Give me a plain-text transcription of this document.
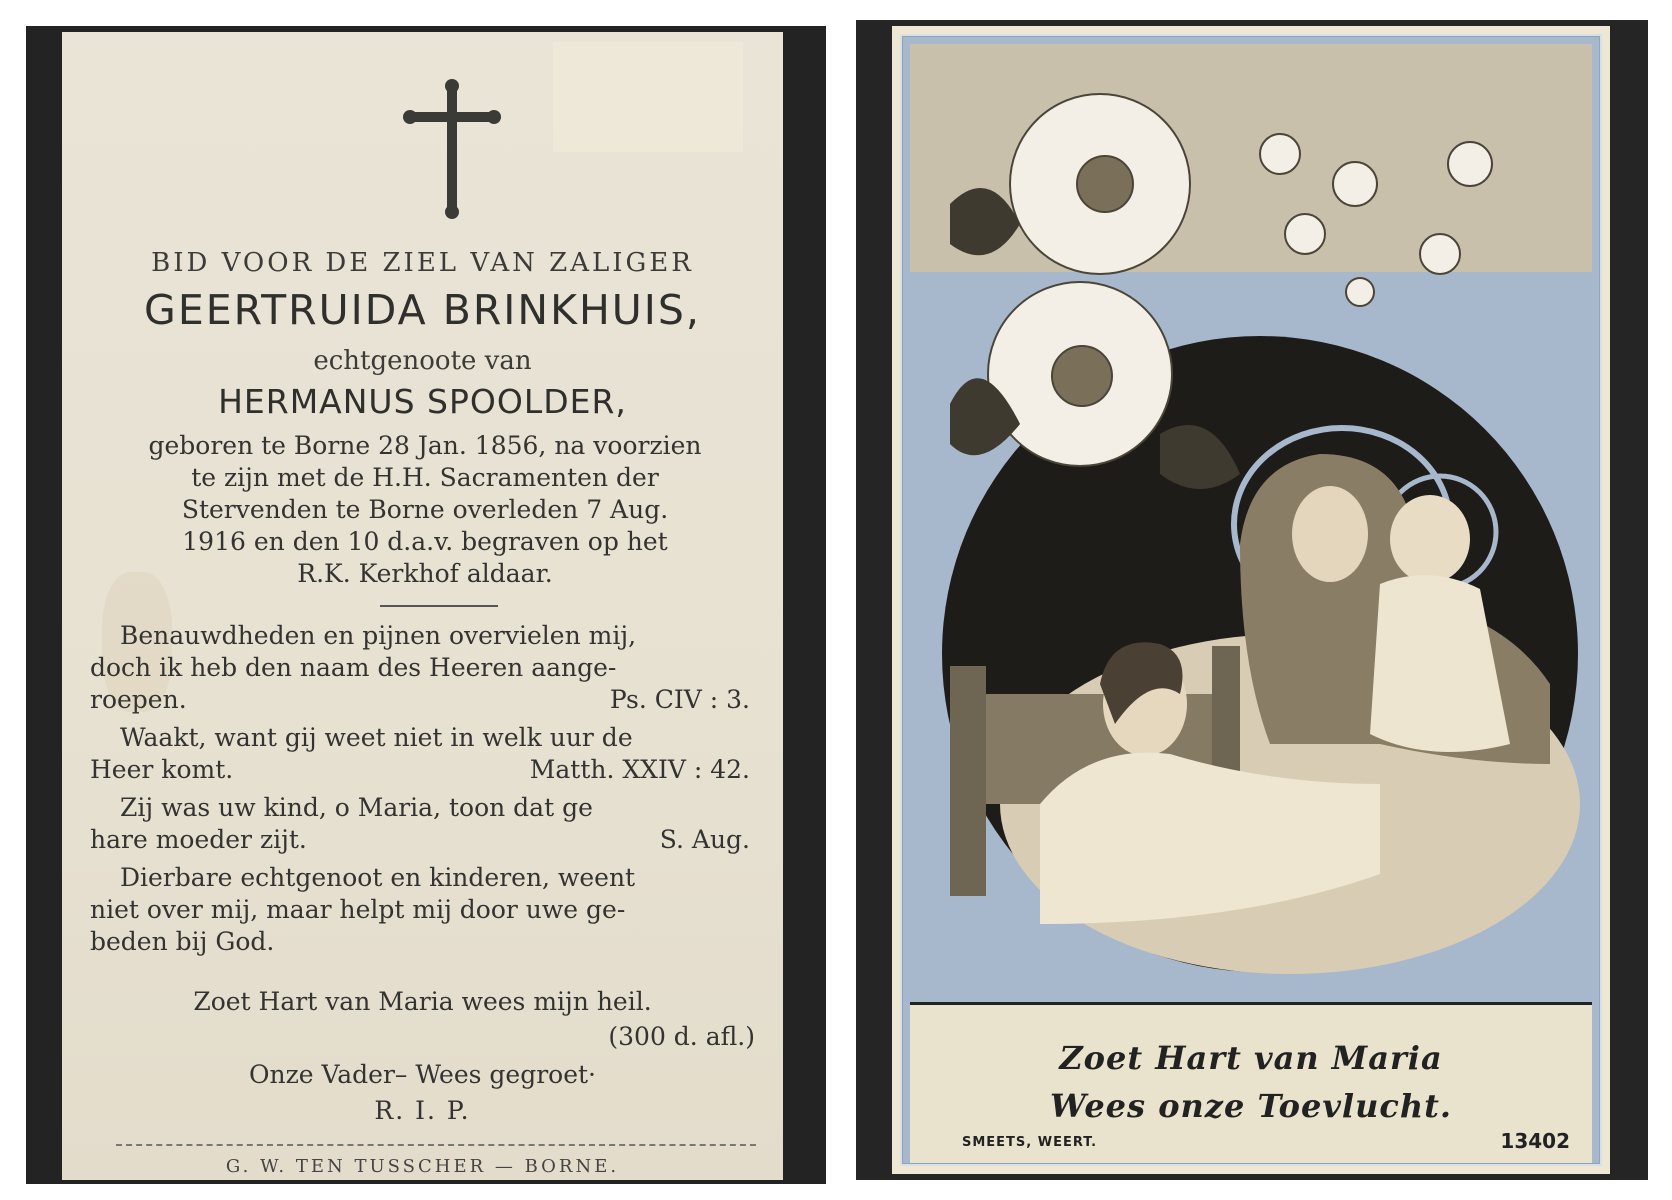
BID VOOR DE ZIEL VAN ZALIGER
GEERTRUIDA BRINKHUIS,
echtgenoote van
HERMANUS SPOOLDER,
geboren te Borne 28 Jan. 1856, na voorzien
te zijn met de H.H. Sacramenten der
Stervenden te Borne overleden 7 Aug.
1916 en den 10 d.a.v. begraven op het
R.K. Kerkhof aldaar.
Benauwdheden en pijnen overvielen mij,
doch ik heb den naam des Heeren aange-
roepen.	Ps. CIV : 3.
Waakt, want gij weet niet in welk uur de
Heer komt.	Matth. XXIV : 42.
Zij was uw kind, o Maria, toon dat ge
hare moeder zijt.	S. Aug.
Dierbare echtgenoot en kinderen, weent
niet over mij, maar helpt mij door uwe ge-
beden bij God.
Zoet Hart van Maria wees mijn heil.
(300 d. afl.)
Onze Vader– Wees gegroet·
R. I. P.
G. W. TEN TUSSCHER — BORNE.
Zoet Hart van Maria
Wees onze Toevlucht.
SMEETS, WEERT.	13402
